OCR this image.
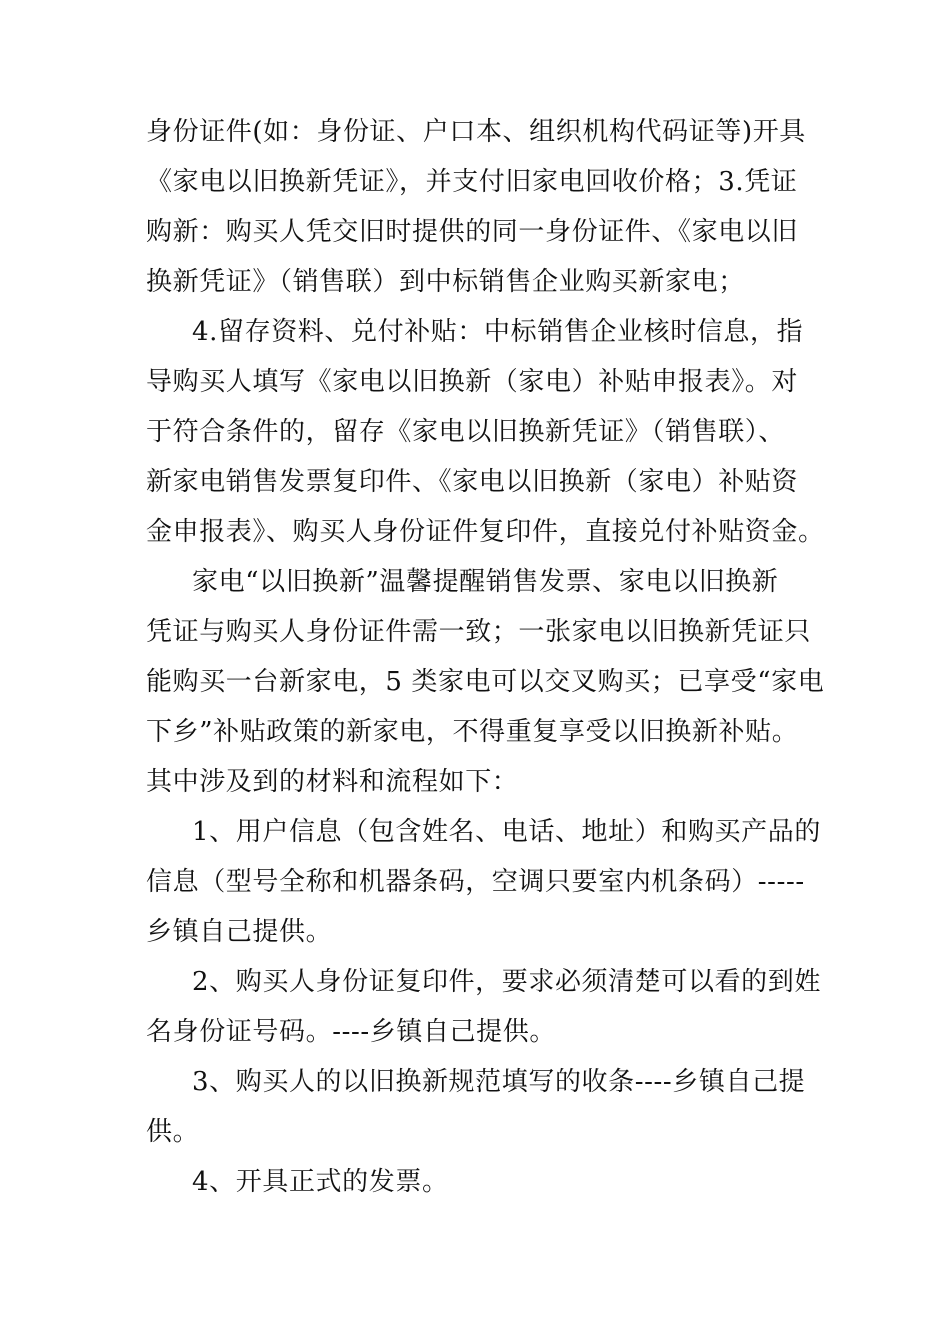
身份证件(如：身份证、户口本、组织机构代码证等)开具
《家电以旧换新凭证》，并支付旧家电回收价格；3.凭证
购新：购买人凭交旧时提供的同一身份证件、《家电以旧
换新凭证》（销售联）到中标销售企业购买新家电；
4.留存资料、兑付补贴：中标销售企业核时信息，指
导购买人填写《家电以旧换新（家电）补贴申报表》。对
于符合条件的，留存《家电以旧换新凭证》（销售联）、
新家电销售发票复印件、《家电以旧换新（家电）补贴资
金申报表》、购买人身份证件复印件，直接兑付补贴资金。
家电“以旧换新”温馨提醒销售发票、家电以旧换新
凭证与购买人身份证件需一致；一张家电以旧换新凭证只
能购买一台新家电，5 类家电可以交叉购买；已享受“家电
下乡”补贴政策的新家电，不得重复享受以旧换新补贴。
其中涉及到的材料和流程如下：
1、用户信息（包含姓名、电话、地址）和购买产品的
信息（型号全称和机器条码，空调只要室内机条码）-----
乡镇自己提供。
2、购买人身份证复印件，要求必须清楚可以看的到姓
名身份证号码。----乡镇自己提供。
3、购买人的以旧换新规范填写的收条----乡镇自己提
供。
4、开具正式的发票。
